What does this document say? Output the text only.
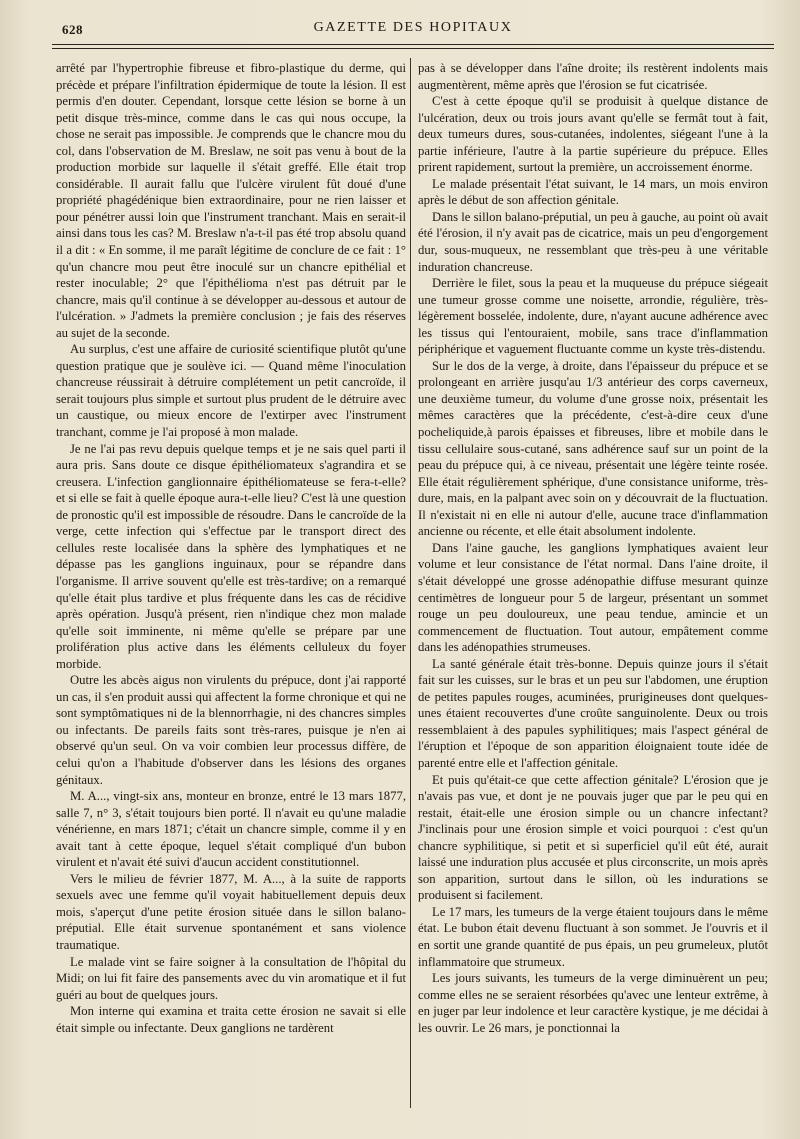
628	GAZETTE DES HOPITAUX

arrêté par l'hypertrophie fibreuse et fibro-plastique du derme, qui précède et prépare l'infiltration épidermique de toute la lésion. Il est permis d'en douter. Cependant, lorsque cette lésion se borne à un petit disque très-mince, comme dans le cas qui nous occupe, la chose ne serait pas impossible. Je comprends que le chancre mou du col, dans l'observation de M. Breslaw, ne soit pas venu à bout de la production morbide sur laquelle il s'était greffé. Elle était trop considérable. Il aurait fallu que l'ulcère virulent fût doué d'une propriété phagédénique bien extraordinaire, pour ne rien laisser et pour pénétrer aussi loin que l'instrument tranchant. Mais en serait-il ainsi dans tous les cas? M. Breslaw n'a-t-il pas été trop absolu quand il a dit : « En somme, il me paraît légitime de conclure de ce fait : 1° qu'un chancre mou peut être inoculé sur un chancre epithélial et rester inoculable; 2° que l'épithélioma n'est pas détruit par le chancre, mais qu'il continue à se développer au-dessous et autour de l'ulcération. » J'admets la première conclusion ; je fais des réserves au sujet de la seconde.

Au surplus, c'est une affaire de curiosité scientifique plutôt qu'une question pratique que je soulève ici. — Quand même l'inoculation chancreuse réussirait à détruire complétement un petit cancroïde, il serait toujours plus simple et surtout plus prudent de le détruire avec un caustique, ou mieux encore de l'extirper avec l'instrument tranchant, comme je l'ai proposé à mon malade.

Je ne l'ai pas revu depuis quelque temps et je ne sais quel parti il aura pris. Sans doute ce disque épithéliomateux s'agrandira et se creusera. L'infection ganglionnaire épithéliomateuse se fera-t-elle? et si elle se fait à quelle époque aura-t-elle lieu? C'est là une question de pronostic qu'il est impossible de résoudre. Dans le cancroïde de la verge, cette infection qui s'effectue par le transport direct des cellules reste localisée dans la sphère des lymphatiques et ne dépasse pas les ganglions inguinaux, pour se répandre dans l'organisme. Il arrive souvent qu'elle est très-tardive; on a remarqué qu'elle était plus tardive et plus fréquente dans les cas de récidive après opération. Jusqu'à présent, rien n'indique chez mon malade qu'elle soit imminente, ni même qu'elle se prépare par une prolifération plus active dans les éléments celluleux du foyer morbide.

Outre les abcès aigus non virulents du prépuce, dont j'ai rapporté un cas, il s'en produit aussi qui affectent la forme chronique et qui ne sont symptômatiques ni de la blennorrhagie, ni des chancres simples ou infectants. De pareils faits sont très-rares, puisque je n'en ai observé qu'un seul. On va voir combien leur processus diffère, de celui qu'on a l'habitude d'observer dans les lésions des organes génitaux.

M. A..., vingt-six ans, monteur en bronze, entré le 13 mars 1877, salle 7, n° 3, s'était toujours bien porté. Il n'avait eu qu'une maladie vénérienne, en mars 1871; c'était un chancre simple, comme il y en avait tant à cette époque, lequel s'était compliqué d'un bubon virulent et n'avait été suivi d'aucun accident constitutionnel.

Vers le milieu de février 1877, M. A..., à la suite de rapports sexuels avec une femme qu'il voyait habituellement depuis deux mois, s'aperçut d'une petite érosion située dans le sillon balano-préputial. Elle était survenue spontanément et sans violence traumatique.

Le malade vint se faire soigner à la consultation de l'hôpital du Midi; on lui fit faire des pansements avec du vin aromatique et il fut guéri au bout de quelques jours.

Mon interne qui examina et traita cette érosion ne savait si elle était simple ou infectante. Deux ganglions ne tardèrent

pas à se développer dans l'aîne droite; ils restèrent indolents mais augmentèrent, même après que l'érosion se fut cicatrisée.

C'est à cette époque qu'il se produisit à quelque distance de l'ulcération, deux ou trois jours avant qu'elle se fermât tout à fait, deux tumeurs dures, sous-cutanées, indolentes, siégeant l'une à la partie inférieure, l'autre à la partie supérieure du prépuce. Elles prirent rapidement, surtout la première, un accroissement énorme.

Le malade présentait l'état suivant, le 14 mars, un mois environ après le début de son affection génitale.

Dans le sillon balano-préputial, un peu à gauche, au point où avait été l'érosion, il n'y avait pas de cicatrice, mais un peu d'engorgement dur, sous-muqueux, ne ressemblant que très-peu à une véritable induration chancreuse.

Derrière le filet, sous la peau et la muqueuse du prépuce siégeait une tumeur grosse comme une noisette, arrondie, régulière, très-légèrement bosselée, indolente, dure, n'ayant aucune adhérence avec les tissus qui l'entouraient, mobile, sans trace d'inflammation périphérique et vaguement fluctuante comme un kyste très-distendu.

Sur le dos de la verge, à droite, dans l'épaisseur du prépuce et se prolongeant en arrière jusqu'au 1/3 antérieur des corps caverneux, une deuxième tumeur, du volume d'une grosse noix, présentait les mêmes caractères que la précédente, c'est-à-dire ceux d'une pocheliquide,à parois épaisses et fibreuses, libre et mobile dans le tissu cellulaire sous-cutané, sans adhérence sauf sur un point de la peau du prépuce qui, à ce niveau, présentait une légère teinte rosée. Elle était régulièrement sphérique, d'une consistance uniforme, très-dure, mais, en la palpant avec soin on y découvrait de la fluctuation. Il n'existait ni en elle ni autour d'elle, aucune trace d'inflammation ancienne ou récente, et elle était absolument indolente.

Dans l'aine gauche, les ganglions lymphatiques avaient leur volume et leur consistance de l'état normal. Dans l'aine droite, il s'était développé une grosse adénopathie diffuse mesurant quinze centimètres de longueur pour 5 de largeur, présentant un sommet rouge un peu douloureux, une peau tendue, amincie et un commencement de fluctuation. Tout autour, empâtement comme dans les adénopathies strumeuses.

La santé générale était très-bonne. Depuis quinze jours il s'était fait sur les cuisses, sur le bras et un peu sur l'abdomen, une éruption de petites papules rouges, acuminées, prurigineuses dont quelques-unes étaient recouvertes d'une croûte sanguinolente. Deux ou trois ressemblaient à des papules syphilitiques; mais l'aspect général de l'éruption et l'époque de son apparition éloignaient toute idée de parenté entre elle et l'affection génitale.

Et puis qu'était-ce que cette affection génitale? L'érosion que je n'avais pas vue, et dont je ne pouvais juger que par le peu qui en restait, était-elle une érosion simple ou un chancre infectant? J'inclinais pour une érosion simple et voici pourquoi : c'est qu'un chancre syphilitique, si petit et si superficiel qu'il eût été, aurait laissé une induration plus accusée et plus circonscrite, un mois après son apparition, surtout dans le sillon, où les indurations se produisent si facilement.

Le 17 mars, les tumeurs de la verge étaient toujours dans le même état. Le bubon était devenu fluctuant à son sommet. Je l'ouvris et il en sortit une grande quantité de pus épais, un peu grumeleux, plutôt inflammatoire que strumeux.

Les jours suivants, les tumeurs de la verge diminuèrent un peu; comme elles ne se seraient résorbées qu'avec une lenteur extrême, à en juger par leur indolence et leur caractère kystique, je me décidai à les ouvrir. Le 26 mars, je ponctionnai la
